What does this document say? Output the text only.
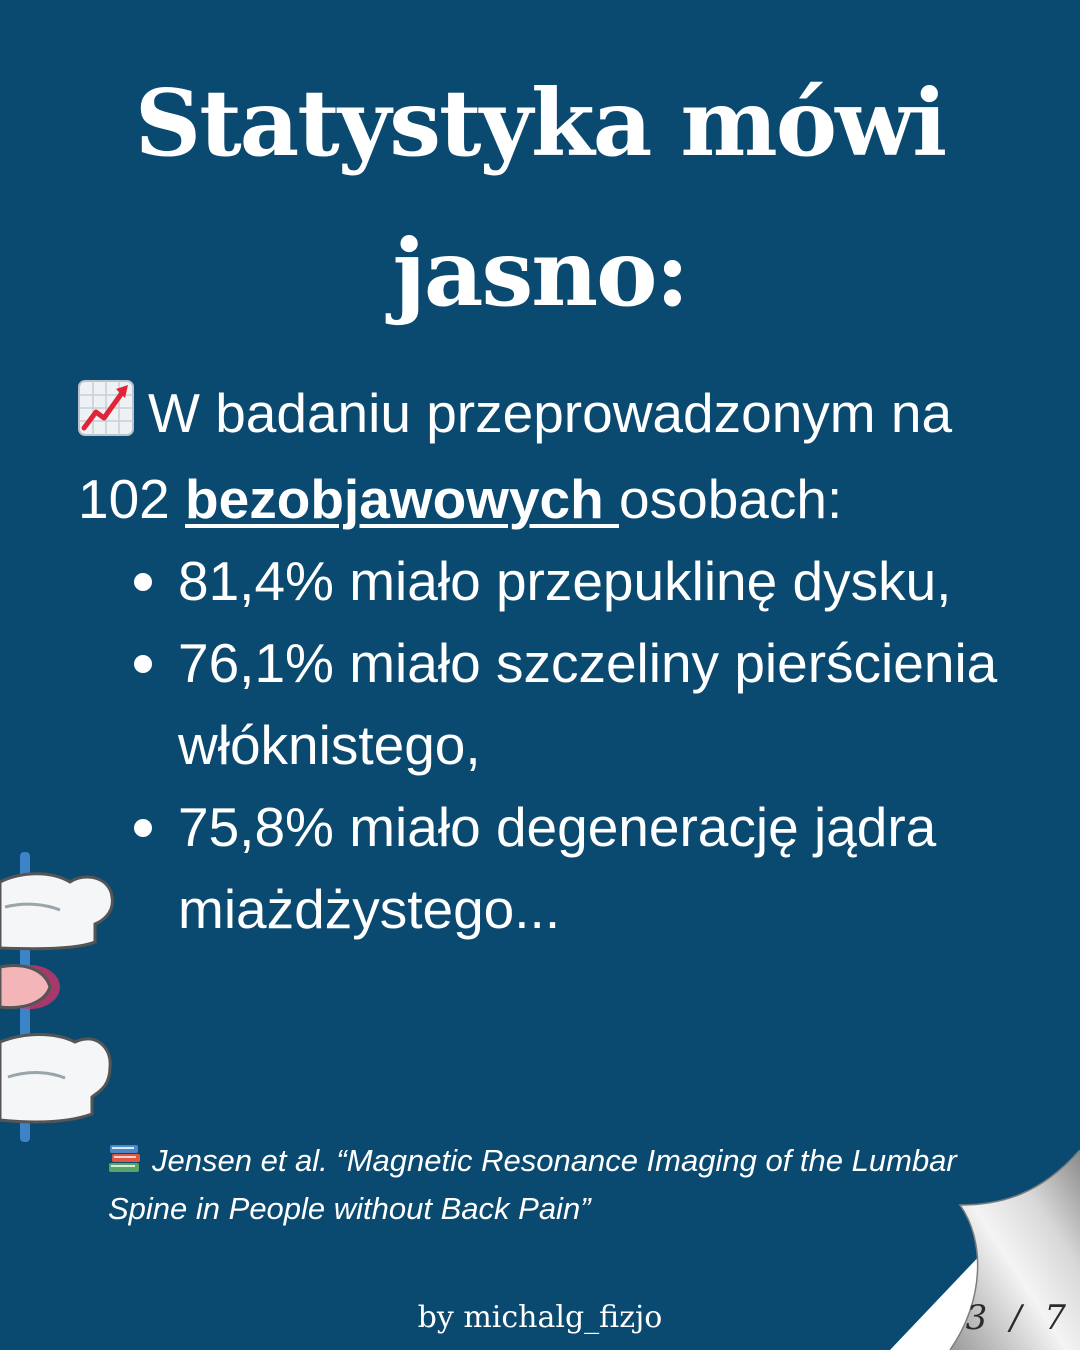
Statystyka mówi
jasno:
W badaniu przeprowadzonym na 102 bezobjawowych osobach:
81,4% miało przepuklinę dysku,
76,1% miało szczeliny pierścienia włóknistego,
75,8% miało degenerację jądra miażdżystego...
Jensen et al. “Magnetic Resonance Imaging of the Lumbar Spine in People without Back Pain”
by michalg_fizjo	3 / 7
